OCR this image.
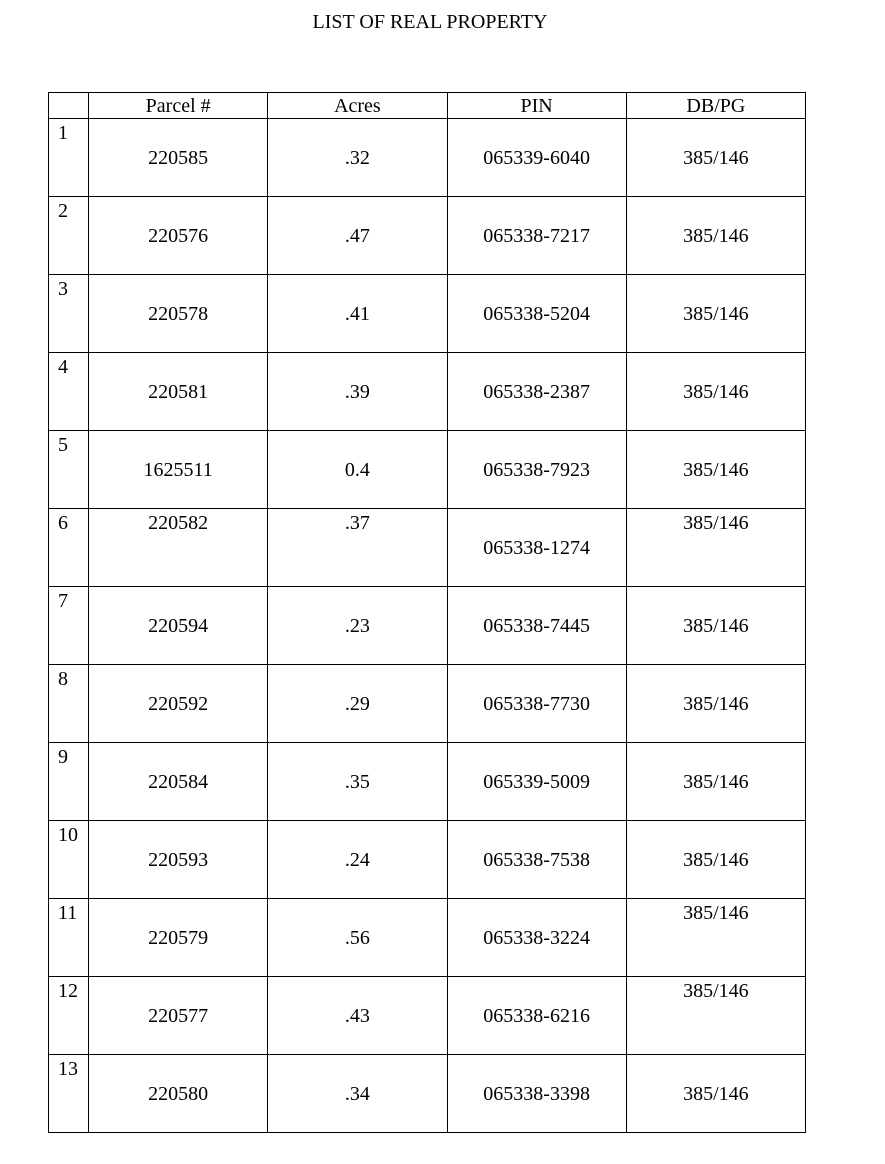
LIST OF REAL PROPERTY
	Parcel #	Acres	PIN	DB/PG
1	220585	.32	065339-6040	385/146
2	220576	.47	065338-7217	385/146
3	220578	.41	065338-5204	385/146
4	220581	.39	065338-2387	385/146
5	1625511	0.4	065338-7923	385/146
6	220582	.37	065338-1274	385/146
7	220594	.23	065338-7445	385/146
8	220592	.29	065338-7730	385/146
9	220584	.35	065339-5009	385/146
10	220593	.24	065338-7538	385/146
11	220579	.56	065338-3224	385/146
12	220577	.43	065338-6216	385/146
13	220580	.34	065338-3398	385/146
